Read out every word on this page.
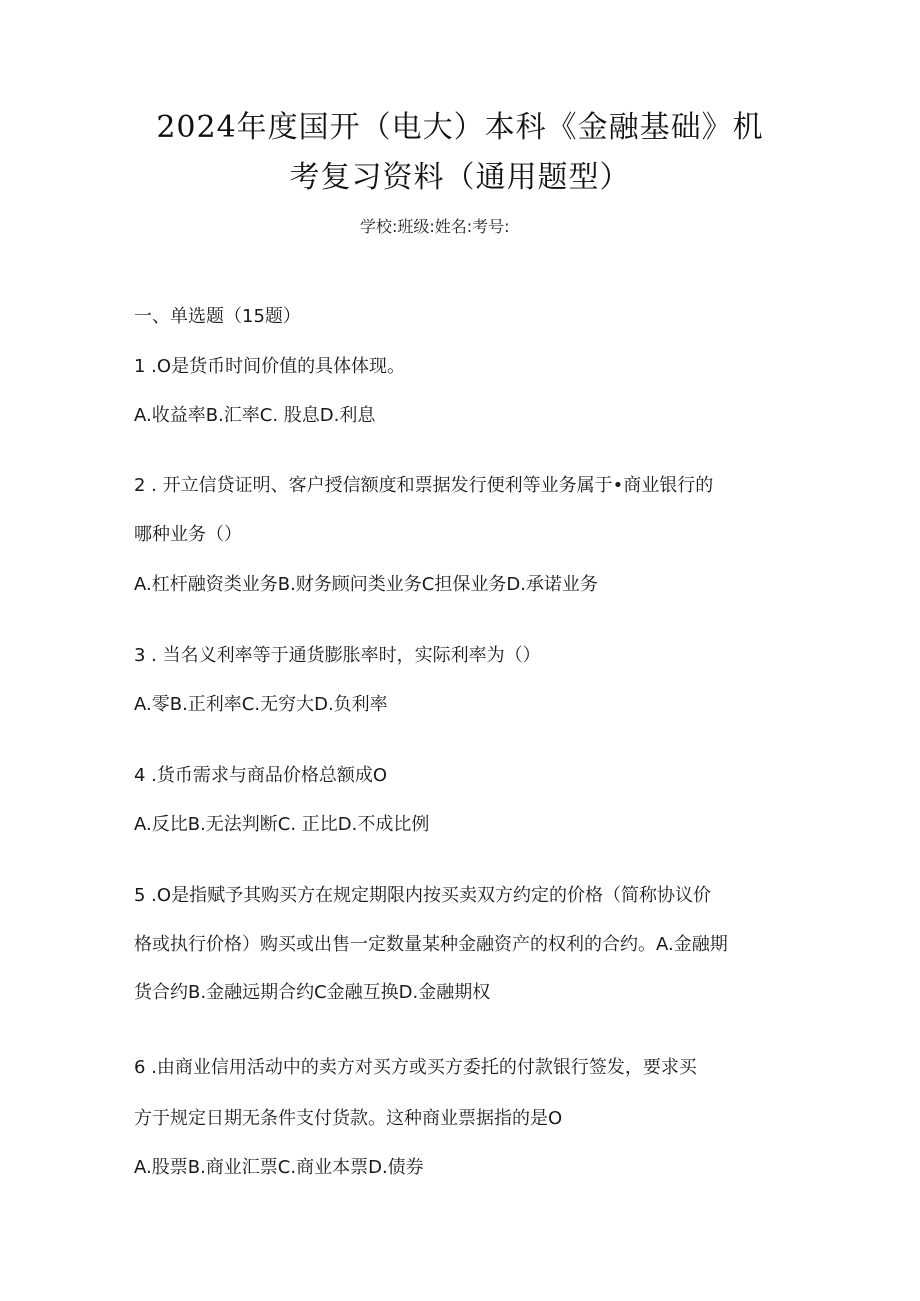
2024年度国开（电大）本科《金融基础》机
考复习资料（通用题型）
学校:班级:姓名:考号:
一、单选题（15题）
1 .O是货币时间价值的具体体现。
A.收益率B.汇率C. 股息D.利息
2 . 开立信贷证明、客户授信额度和票据发行便利等业务属于•商业银行的
哪种业务（）
A.杠杆融资类业务B.财务顾问类业务C担保业务D.承诺业务
3 . 当名义利率等于通货膨胀率时，实际利率为（）
A.零B.正利率C.无穷大D.负利率
4 .货币需求与商品价格总额成O
A.反比B.无法判断C. 正比D.不成比例
5 .O是指赋予其购买方在规定期限内按买卖双方约定的价格（简称协议价
格或执行价格）购买或出售一定数量某种金融资产的权利的合约。A.金融期
货合约B.金融远期合约C金融互换D.金融期权
6 .由商业信用活动中的卖方对买方或买方委托的付款银行签发，要求买
方于规定日期无条件支付货款。这种商业票据指的是O
A.股票B.商业汇票C.商业本票D.债券
